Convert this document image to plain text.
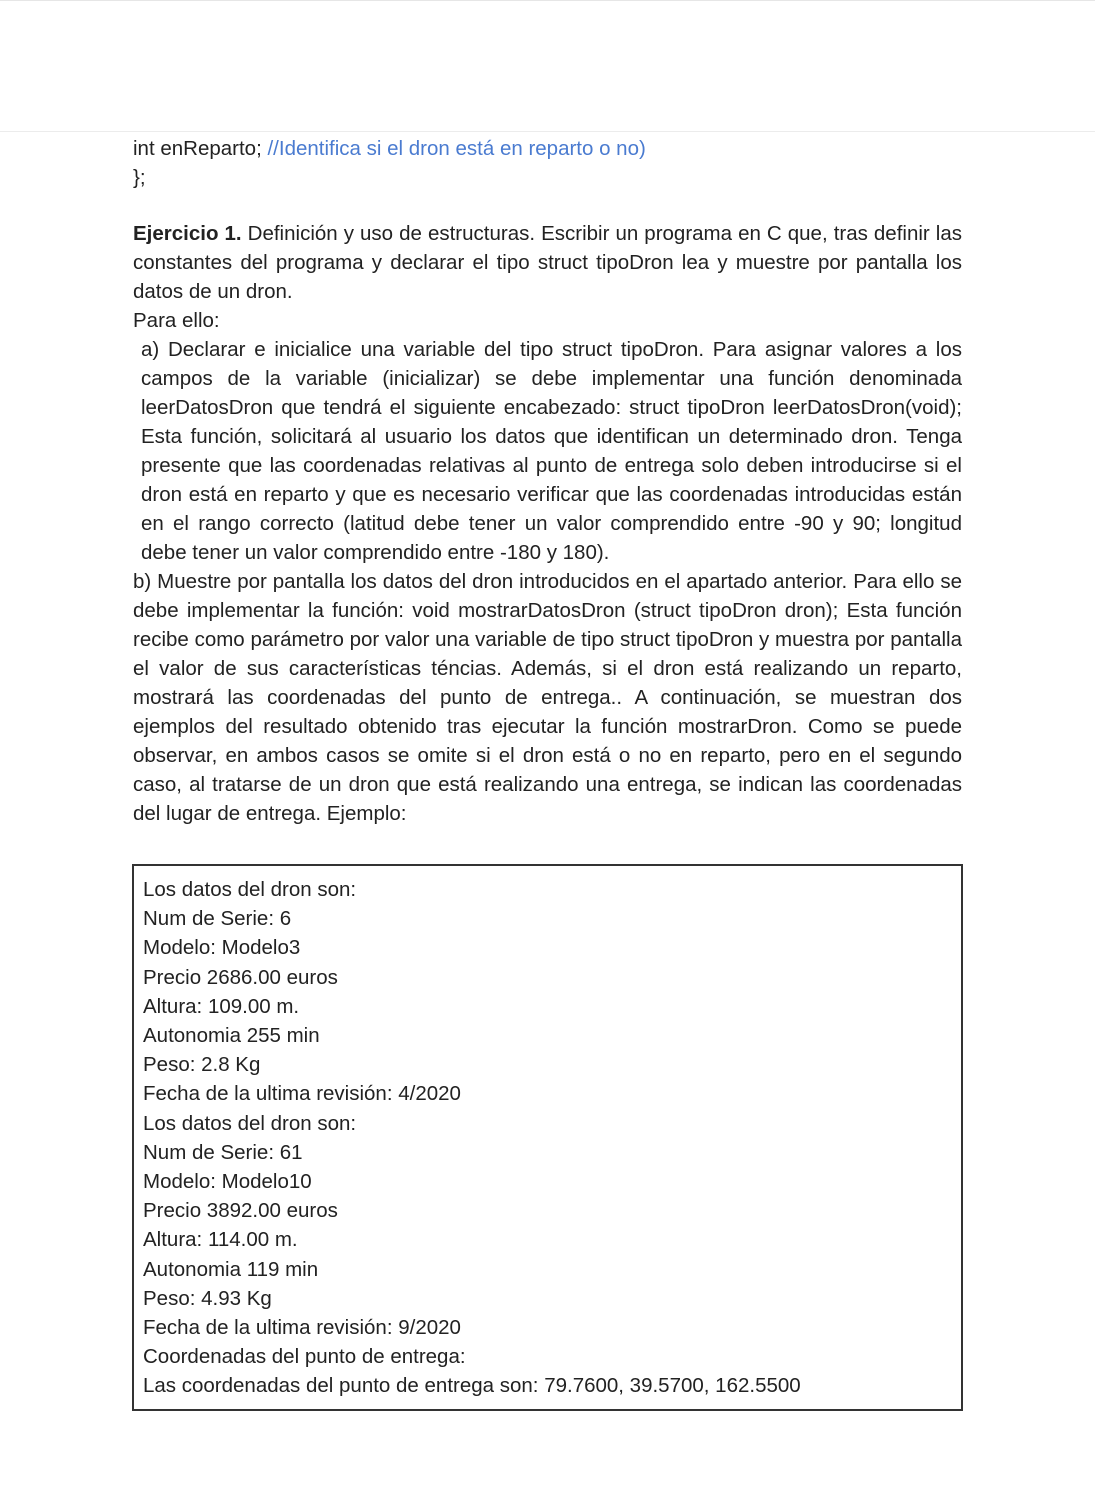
int enReparto; //Identifica si el dron está en reparto o no)
};
Ejercicio 1. Definición y uso de estructuras. Escribir un programa en C que, tras definir las constantes del programa y declarar el tipo struct tipoDron lea y muestre por pantalla los datos de un dron.
Para ello:
a) Declarar e inicialice una variable del tipo struct tipoDron. Para asignar valores a los campos de la variable (inicializar) se debe implementar una función denominada leerDatosDron que tendrá el siguiente encabezado: struct tipoDron leerDatosDron(void); Esta función, solicitará al usuario los datos que identifican un determinado dron. Tenga presente que las coordenadas relativas al punto de entrega solo deben introducirse si el dron está en reparto y que es necesario verificar que las coordenadas introducidas están en el rango correcto (latitud debe tener un valor comprendido entre -90 y 90; longitud debe tener un valor comprendido entre -180 y 180).
b) Muestre por pantalla los datos del dron introducidos en el apartado anterior. Para ello se debe implementar la función: void mostrarDatosDron (struct tipoDron dron); Esta función recibe como parámetro por valor una variable de tipo struct tipoDron y muestra por pantalla el valor de sus características téncias. Además, si el dron está realizando un reparto, mostrará las coordenadas del punto de entrega.. A continuación, se muestran dos ejemplos del resultado obtenido tras ejecutar la función mostrarDron. Como se puede observar, en ambos casos se omite si el dron está o no en reparto, pero en el segundo caso, al tratarse de un dron que está realizando una entrega, se indican las coordenadas del lugar de entrega. Ejemplo:
Los datos del dron son:
Num de Serie: 6
Modelo: Modelo3
Precio 2686.00 euros
Altura: 109.00 m.
Autonomia 255 min
Peso: 2.8 Kg
Fecha de la ultima revisión: 4/2020
Los datos del dron son:
Num de Serie: 61
Modelo: Modelo10
Precio 3892.00 euros
Altura: 114.00 m.
Autonomia 119 min
Peso: 4.93 Kg
Fecha de la ultima revisión: 9/2020
Coordenadas del punto de entrega:
Las coordenadas del punto de entrega son: 79.7600, 39.5700, 162.5500
